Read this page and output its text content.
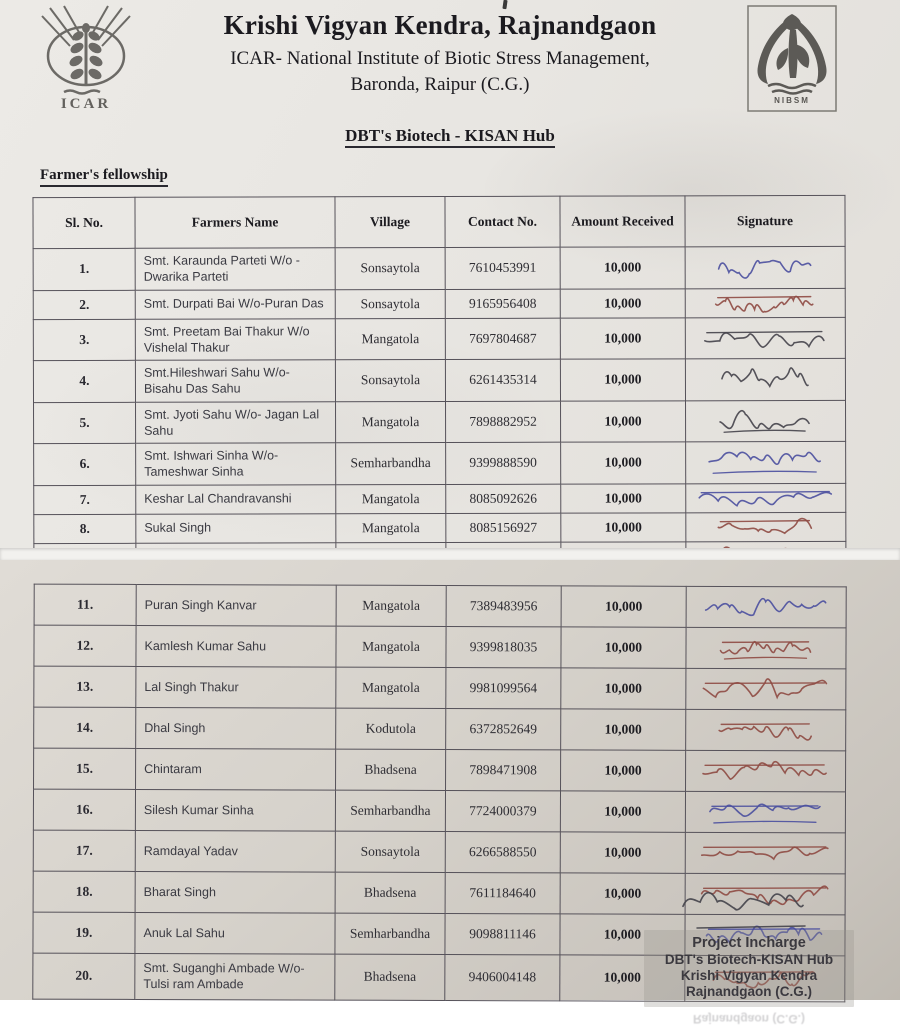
ICAR
Krishi Vigyan Kendra, Rajnandgaon
ICAR- National Institute of Biotic Stress Management,
Baronda, Raipur (C.G.)
NIBSM
DBT's Biotech - KISAN Hub
Farmer's fellowship
Sl. No.	Farmers Name	Village	Contact No.	Amount Received	Signature
1.	Smt. Karaunda Parteti W/o - Dwarika Parteti	Sonsaytola	7610453991	10,000	

2.	Smt. Durpati Bai W/o-Puran Das	Sonsaytola	9165956408	10,000	

3.	Smt. Preetam Bai Thakur W/o Vishelal Thakur	Mangatola	7697804687	10,000	

4.	Smt.Hileshwari Sahu W/o- Bisahu Das Sahu	Sonsaytola	6261435314	10,000	

5.	Smt. Jyoti Sahu W/o- Jagan Lal Sahu	Mangatola	7898882952	10,000	

6.	Smt. Ishwari Sinha W/o- Tameshwar Sinha	Semharbandha	9399888590	10,000	

7.	Keshar Lal Chandravanshi	Mangatola	8085092626	10,000	

8.	Sukal Singh	Mangatola	8085156927	10,000	

11.	Puran Singh Kanvar	Mangatola	7389483956	10,000	

12.	Kamlesh Kumar Sahu	Mangatola	9399818035	10,000	

13.	Lal Singh Thakur	Mangatola	9981099564	10,000	

14.	Dhal Singh	Kodutola	6372852649	10,000	

15.	Chintaram	Bhadsena	7898471908	10,000	

16.	Silesh Kumar Sinha	Semharbandha	7724000379	10,000	

17.	Ramdayal Yadav	Sonsaytola	6266588550	10,000	

18.	Bharat Singh	Bhadsena	7611184640	10,000	

19.	Anuk Lal Sahu	Semharbandha	9098811146	10,000	

20.	Smt. Suganghi Ambade W/o- Tulsi ram Ambade	Bhadsena	9406004148	10,000	
Project Incharge
DBT's Biotech-KISAN Hub
Krishi Vigyan Kendra
Rajnandgaon (C.G.)
Rajnandgaon (C.G.)
